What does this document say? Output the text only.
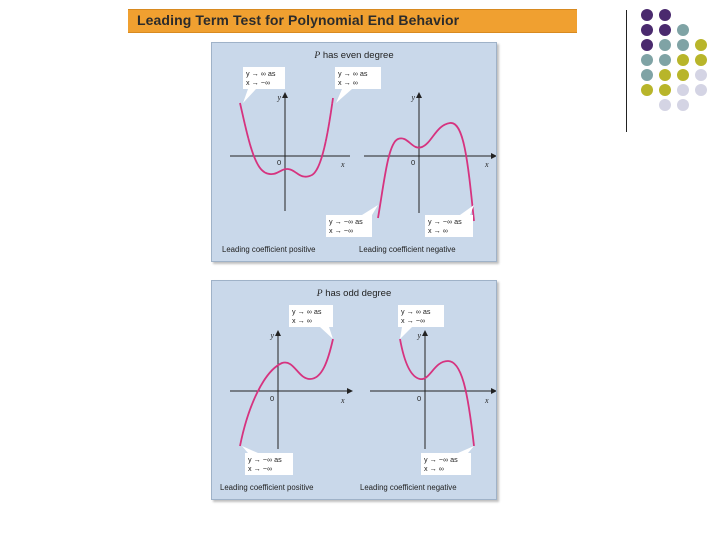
Leading Term Test for Polynomial End Behavior
P has even degree
y
x
0
y → ∞ as
x → −∞
y → ∞ as
x → ∞
Leading coefficient positive
y
x
0
y → −∞ as
x → −∞
y → −∞ as
x → ∞
Leading coefficient negative
P has odd degree
y
x
0
y → ∞ as
x → ∞
y → −∞ as
x → −∞
Leading coefficient positive
y
x
0
y → ∞ as
x → −∞
y → −∞ as
x → ∞
Leading coefficient negative
